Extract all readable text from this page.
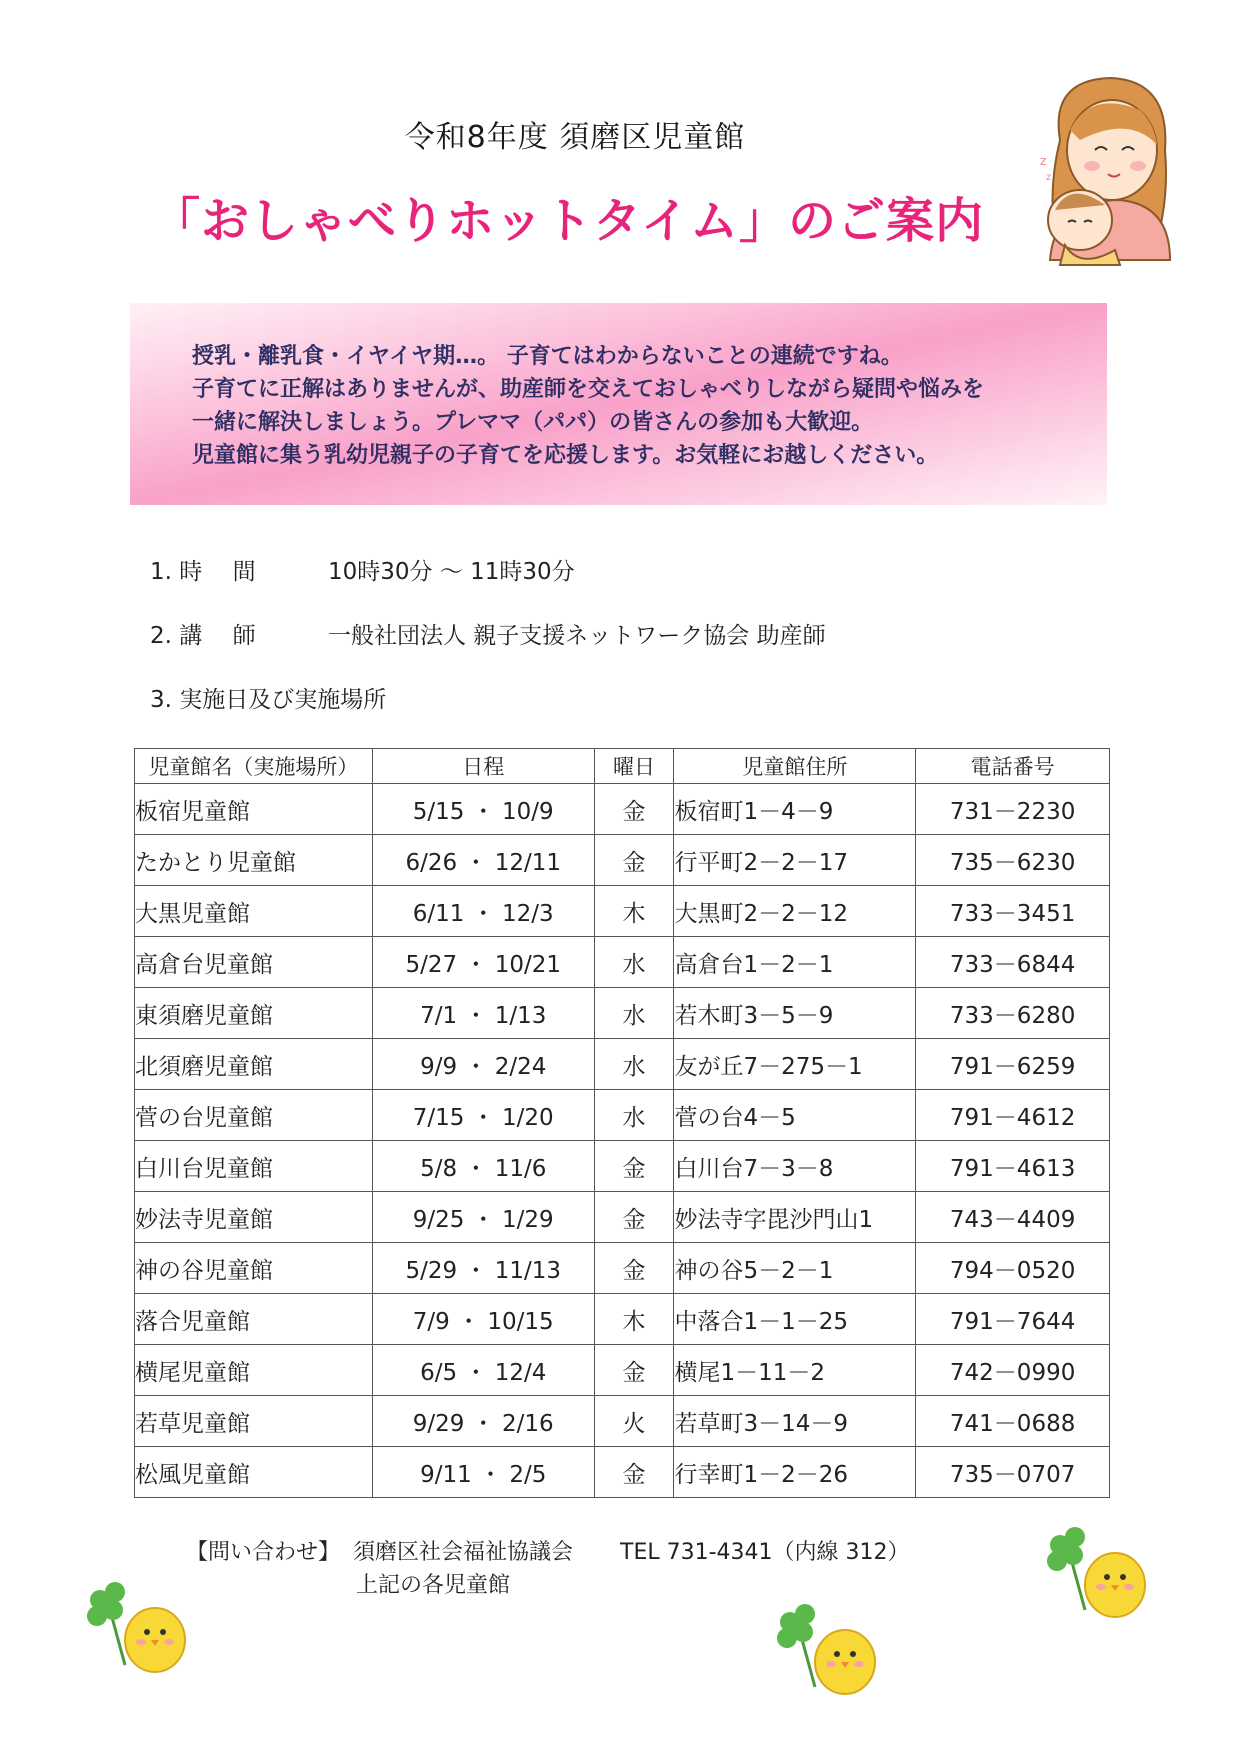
令和8年度 須磨区児童館
「おしゃべりホットタイム」のご案内
z
z

授乳・離乳食・イヤイヤ期…。 子育てはわからないことの連続ですね。

子育てに正解はありませんが、助産師を交えておしゃべりしながら疑問や悩みを

一緒に解決しましょう。プレママ（パパ）の皆さんの参加も大歓迎。

児童館に集う乳幼児親子の子育てを応援します。お気軽にお越しください。

1. 時　 間	10時30分 ～ 11時30分
2. 講　 師	一般社団法人 親子支援ネットワーク協会 助産師
3. 実施日及び実施場所
児童館名（実施場所）	日程	曜日	児童館住所	電話番号
板宿児童館	5/15 ・ 10/9	金	板宿町1－4－9	731－2230
たかとり児童館	6/26 ・ 12/11	金	行平町2－2－17	735－6230
大黒児童館	6/11 ・ 12/3	木	大黒町2－2－12	733－3451
高倉台児童館	5/27 ・ 10/21	水	高倉台1－2－1	733－6844
東須磨児童館	7/1 ・ 1/13	水	若木町3－5－9	733－6280
北須磨児童館	9/9 ・ 2/24	水	友が丘7－275－1	791－6259
菅の台児童館	7/15 ・ 1/20	水	菅の台4－5	791－4612
白川台児童館	5/8 ・ 11/6	金	白川台7－3－8	791－4613
妙法寺児童館	9/25 ・ 1/29	金	妙法寺字毘沙門山1	743－4409
神の谷児童館	5/29 ・ 11/13	金	神の谷5－2－1	794－0520
落合児童館	7/9 ・ 10/15	木	中落合1－1－25	791－7644
横尾児童館	6/5 ・ 12/4	金	横尾1－11－2	742－0990
若草児童館	9/29 ・ 2/16	火	若草町3－14－9	741－0688
松風児童館	9/11 ・ 2/5	金	行幸町1－2－26	735－0707
【問い合わせ】 須磨区社会福祉協議会 TEL 731-4341（内線 312）
上記の各児童館
